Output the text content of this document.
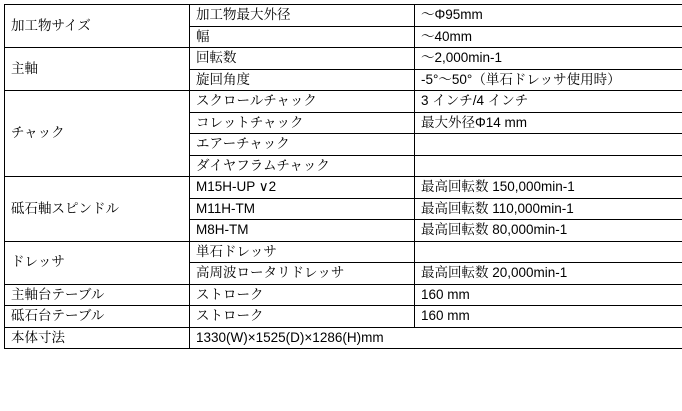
加工物サイズ	加工物最大外径	〜Φ95mm
	幅	〜40mm
主軸	回転数	〜2,000min-1
	旋回角度	-5°〜50°（単石ドレッサ使用時）
チャック	スクロールチャック	3 インチ/4 インチ
	コレットチャック	最大外径Φ14 mm
	エアーチャック	
	ダイヤフラムチャック	
砥石軸スピンドル	M15H-UP ∨2	最高回転数 150,000min-1
	M11H-TM	最高回転数 110,000min-1
	M8H-TM	最高回転数 80,000min-1
ドレッサ	単石ドレッサ	
	高周波ロータリドレッサ	最高回転数 20,000min-1
主軸台テーブル	ストローク	160 mm
砥石台テーブル	ストローク	160 mm
本体寸法	1330(W)×1525(D)×1286(H)mm	
